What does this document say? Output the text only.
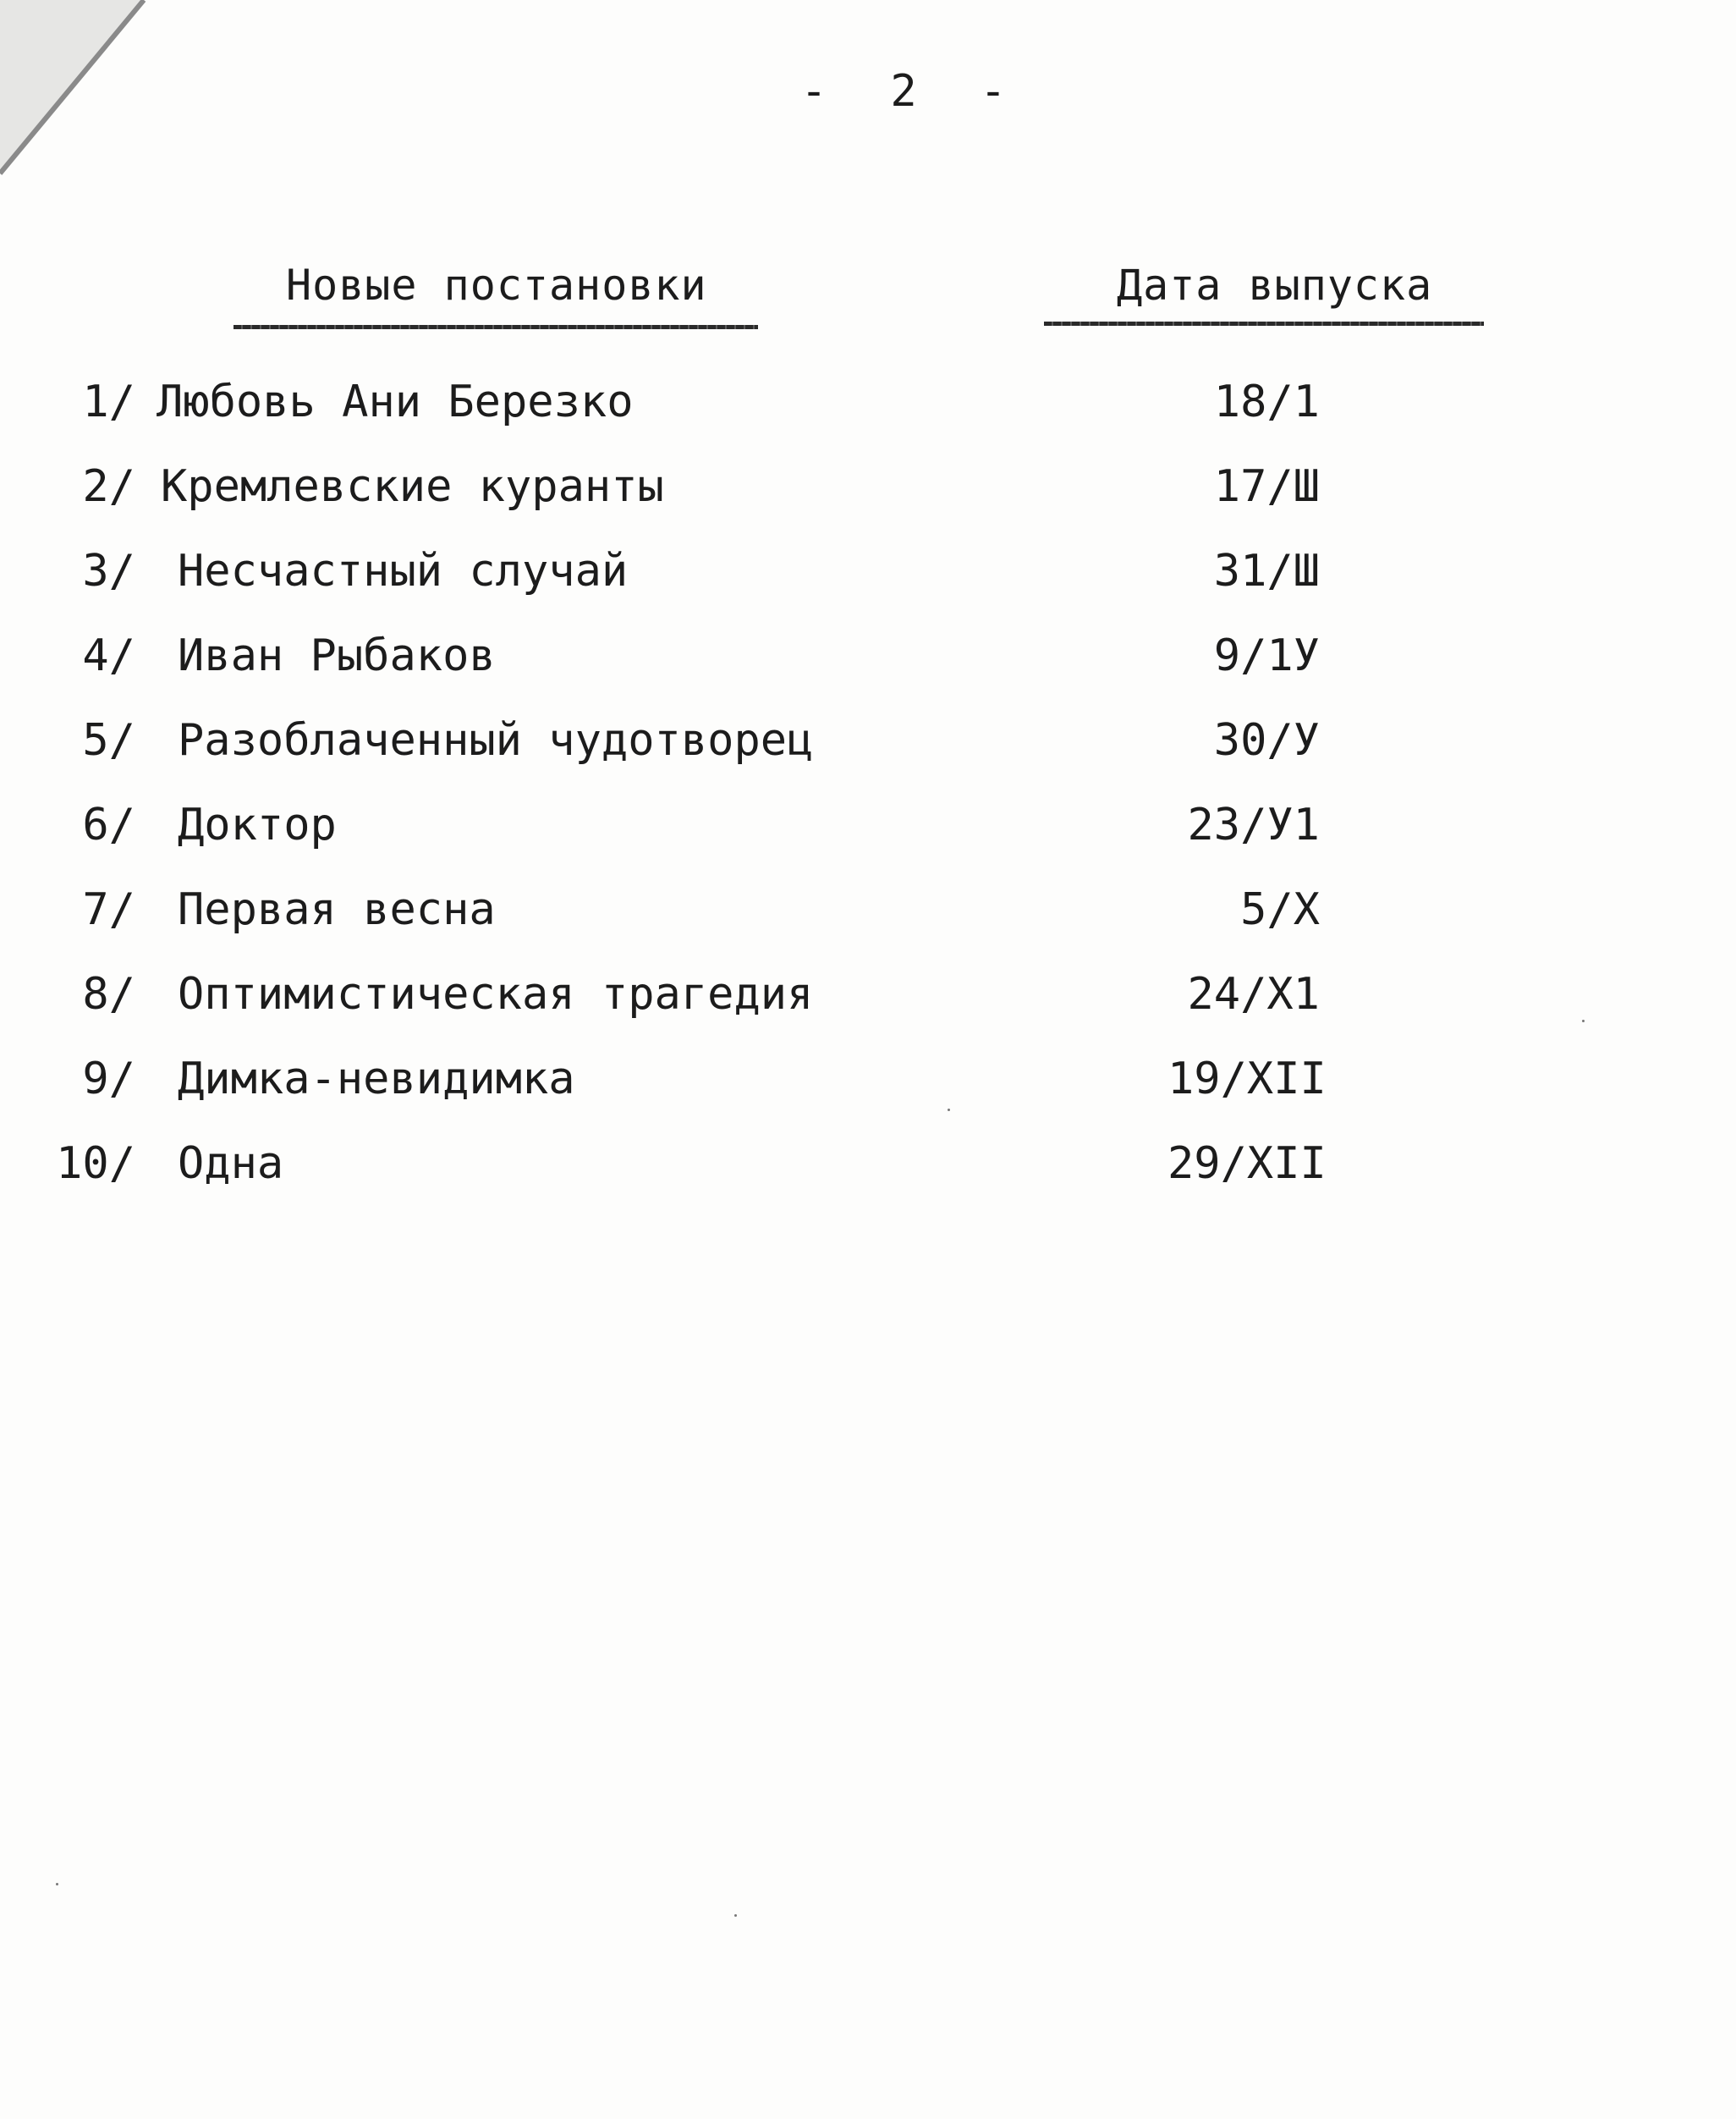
-  2  -
Новые постановки	Дата выпуска
1/ Любовь Ани Березко	18/1
2/ Кремлевские куранты	17/Ш
3/ Несчастный случай	31/Ш
4/ Иван Рыбаков	9/1У
5/ Разоблаченный чудотворец	30/У
6/ Доктор	23/У1
7/ Первая весна	5/X
8/ Оптимистическая трагедия	24/X1
9/ Димка-невидимка	19/XII
10/ Одна	29/XII
